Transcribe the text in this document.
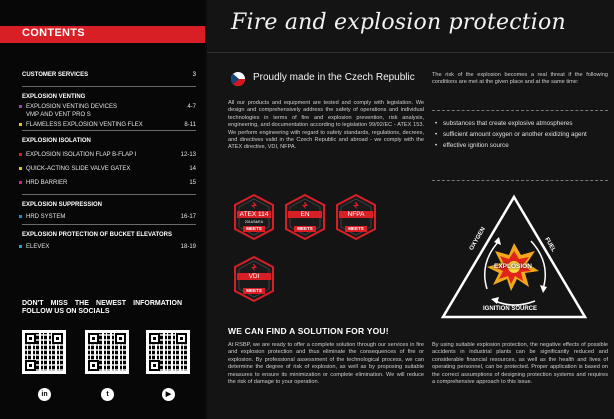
CONTENTS
CUSTOMER SERVICES	3
EXPLOSION VENTING
EXPLOSION VENTING DEVICES	4-7
VMP AND VENT PRO S
FLAMELESS EXPLOSION VENTING FLEX	8-11
EXPLOSION ISOLATION
EXPLOSION ISOLATION FLAP B-FLAP I	12-13
QUICK-ACTING SLIDE VALVE GATEX	14
HRD BARRIER	15
EXPLOSION SUPPRESSION
HRD SYSTEM	16-17
EXPLOSION PROTECTION OF BUCKET ELEVATORS
ELEVEX	18-19
DON'T MISS THE NEWEST INFORMATION FOLLOW US ON SOCIALS
in	t	▶
Fire and explosion protection
Proudly made in the Czech Republic
All our products and equipment are tested and comply with legislation. We design and comprehensively address the safety of operations and individual technologies in terms of fire and explosion prevention, risk analysis, engineering, and documentation according to legislation 99/92/EC - ATEX 153. We perform engineering with regard to safety standards, regulations, decrees, and directives valid in the Czech Republic and abroad - we comply with the ATEX directive, VDI, NFPA.
ATEX 114
2014/34/EU
MEETS
EN
MEETS
NFPA
MEETS
VDI
MEETS
WE CAN FIND A SOLUTION FOR YOU!
At RSBP, we are ready to offer a complete solution through our services in fire and explosion protection and thus eliminate the consequences of fire or explosion. By professional assessment of the technological process, we can determine the degree of risk of explosion, as well as by proposing suitable measures to ensure its minimization or complete elimination. We will reduce the risk of damage to your operation.
The risk of the explosion becomes a real threat if the following conditions are met at the given place and at the same time:
• substances that create explosive atmospheres
• sufficient amount oxygen or another exidizing agent
• effective ignition source
OXYGEN	FUEL
IGNITION SOURCE
EXPLOSION
By using suitable explosion protection, the negative effects of possible accidents in industrial plants can be significantly reduced and considerable financial resources, as well as the health and lives of operating personnel, can be protected. Proper application is based on the correct assumptions of designing protection systems and requires a comprehensive approach to this issue.
